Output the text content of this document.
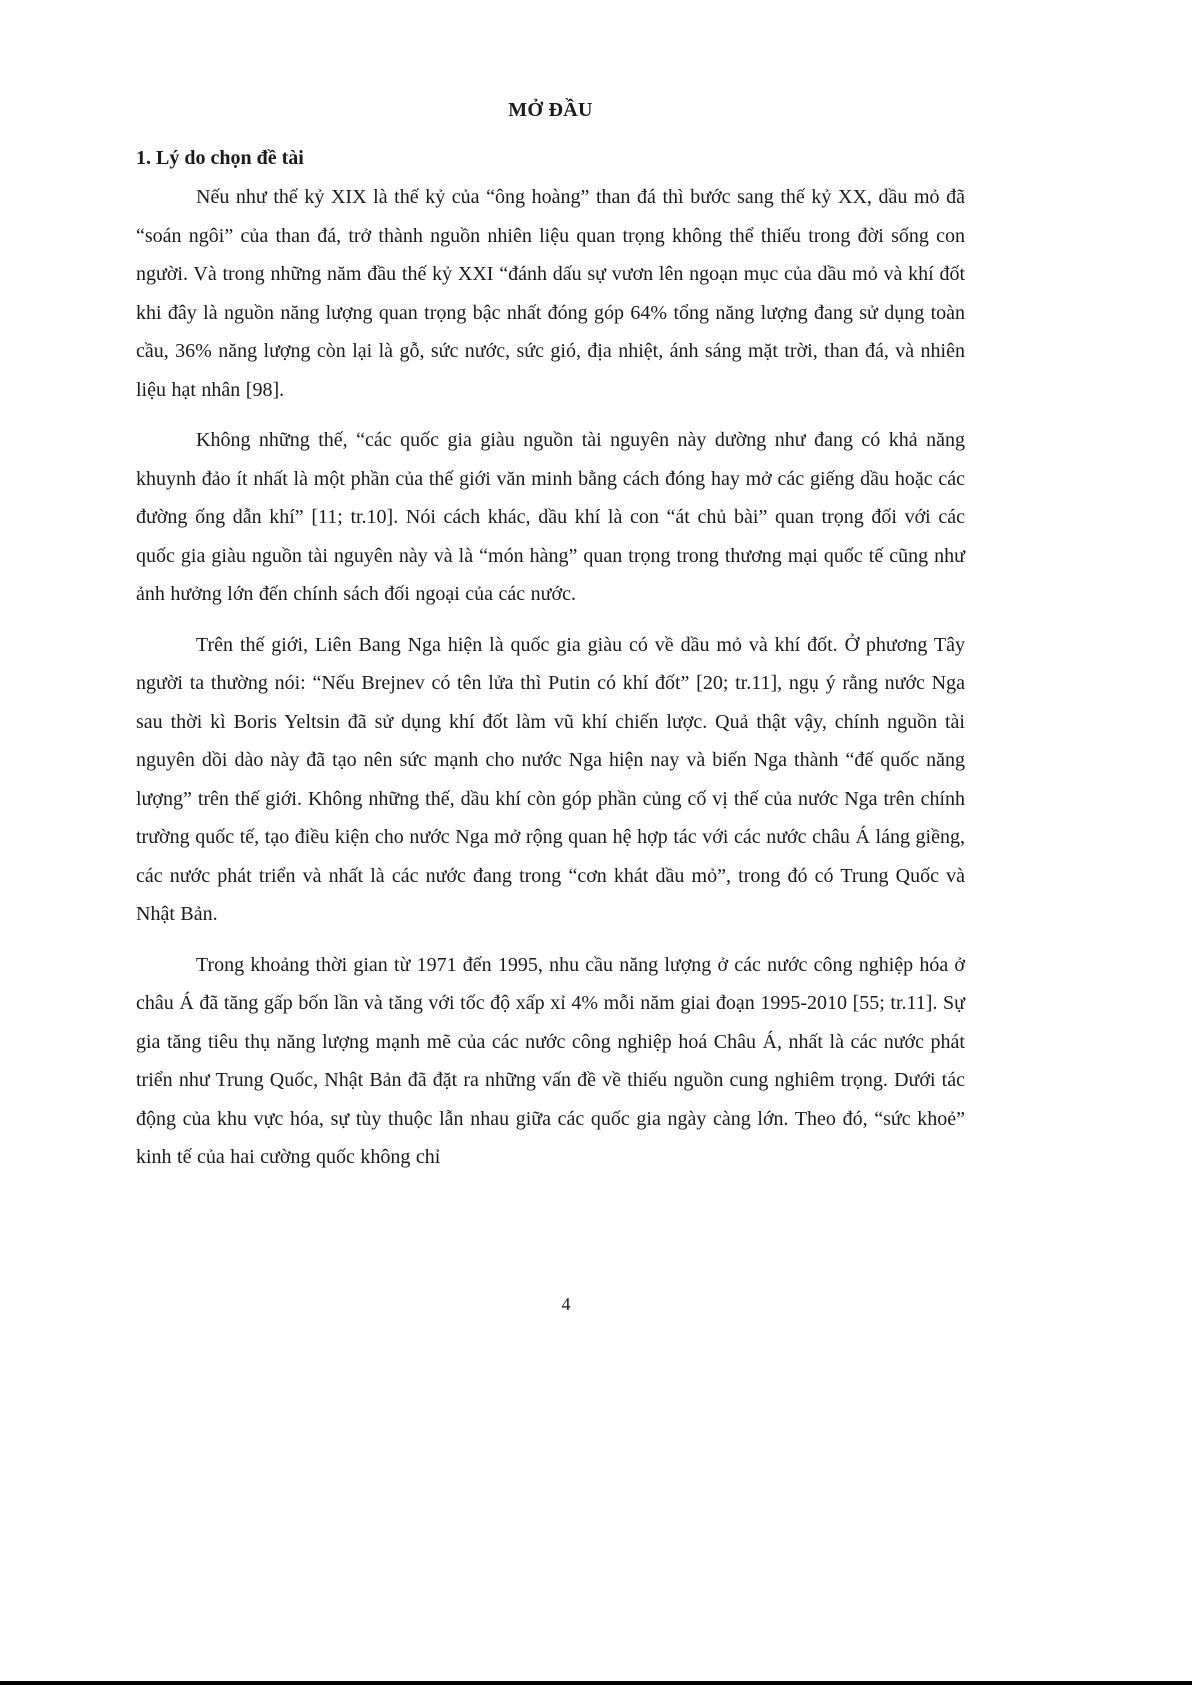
MỞ ĐẦU
1. Lý do chọn đề tài

Nếu như thế kỷ XIX là thế kỷ của “ông hoàng” than đá thì bước sang thế kỷ XX, dầu mỏ đã “soán ngôi” của than đá, trở thành nguồn nhiên liệu quan trọng không thể thiếu trong đời sống con người. Và trong những năm đầu thế kỷ XXI “đánh dấu sự vươn lên ngoạn mục của dầu mỏ và khí đốt khi đây là nguồn năng lượng quan trọng bậc nhất đóng góp 64% tổng năng lượng đang sử dụng toàn cầu, 36% năng lượng còn lại là gỗ, sức nước, sức gió, địa nhiệt, ánh sáng mặt trời, than đá, và nhiên liệu hạt nhân [98].

Không những thế, “các quốc gia giàu nguồn tài nguyên này dường như đang có khả năng khuynh đảo ít nhất là một phần của thế giới văn minh bằng cách đóng hay mở các giếng dầu hoặc các đường ống dẫn khí” [11; tr.10]. Nói cách khác, dầu khí là con “át chủ bài” quan trọng đối với các quốc gia giàu nguồn tài nguyên này và là “món hàng” quan trọng trong thương mại quốc tế cũng như ảnh hưởng lớn đến chính sách đối ngoại của các nước.

Trên thế giới, Liên Bang Nga hiện là quốc gia giàu có về dầu mỏ và khí đốt. Ở phương Tây người ta thường nói: “Nếu Brejnev có tên lửa thì Putin có khí đốt” [20; tr.11], ngụ ý rằng nước Nga sau thời kì Boris Yeltsin đã sử dụng khí đốt làm vũ khí chiến lược. Quả thật vậy, chính nguồn tài nguyên dồi dào này đã tạo nên sức mạnh cho nước Nga hiện nay và biến Nga thành “đế quốc năng lượng” trên thế giới. Không những thế, dầu khí còn góp phần củng cố vị thế của nước Nga trên chính trường quốc tế, tạo điều kiện cho nước Nga mở rộng quan hệ hợp tác với các nước châu Á láng giềng, các nước phát triển và nhất là các nước đang trong “cơn khát dầu mỏ”, trong đó có Trung Quốc và Nhật Bản.

Trong khoảng thời gian từ 1971 đến 1995, nhu cầu năng lượng ở các nước công nghiệp hóa ở châu Á đã tăng gấp bốn lần và tăng với tốc độ xấp xỉ 4% mỗi năm giai đoạn 1995-2010 [55; tr.11]. Sự gia tăng tiêu thụ năng lượng mạnh mẽ của các nước công nghiệp hoá Châu Á, nhất là các nước phát triển như Trung Quốc, Nhật Bản đã đặt ra những vấn đề về thiếu nguồn cung nghiêm trọng. Dưới tác động của khu vực hóa, sự tùy thuộc lẫn nhau giữa các quốc gia ngày càng lớn. Theo đó, “sức khoẻ” kinh tế của hai cường quốc không chỉ

4
